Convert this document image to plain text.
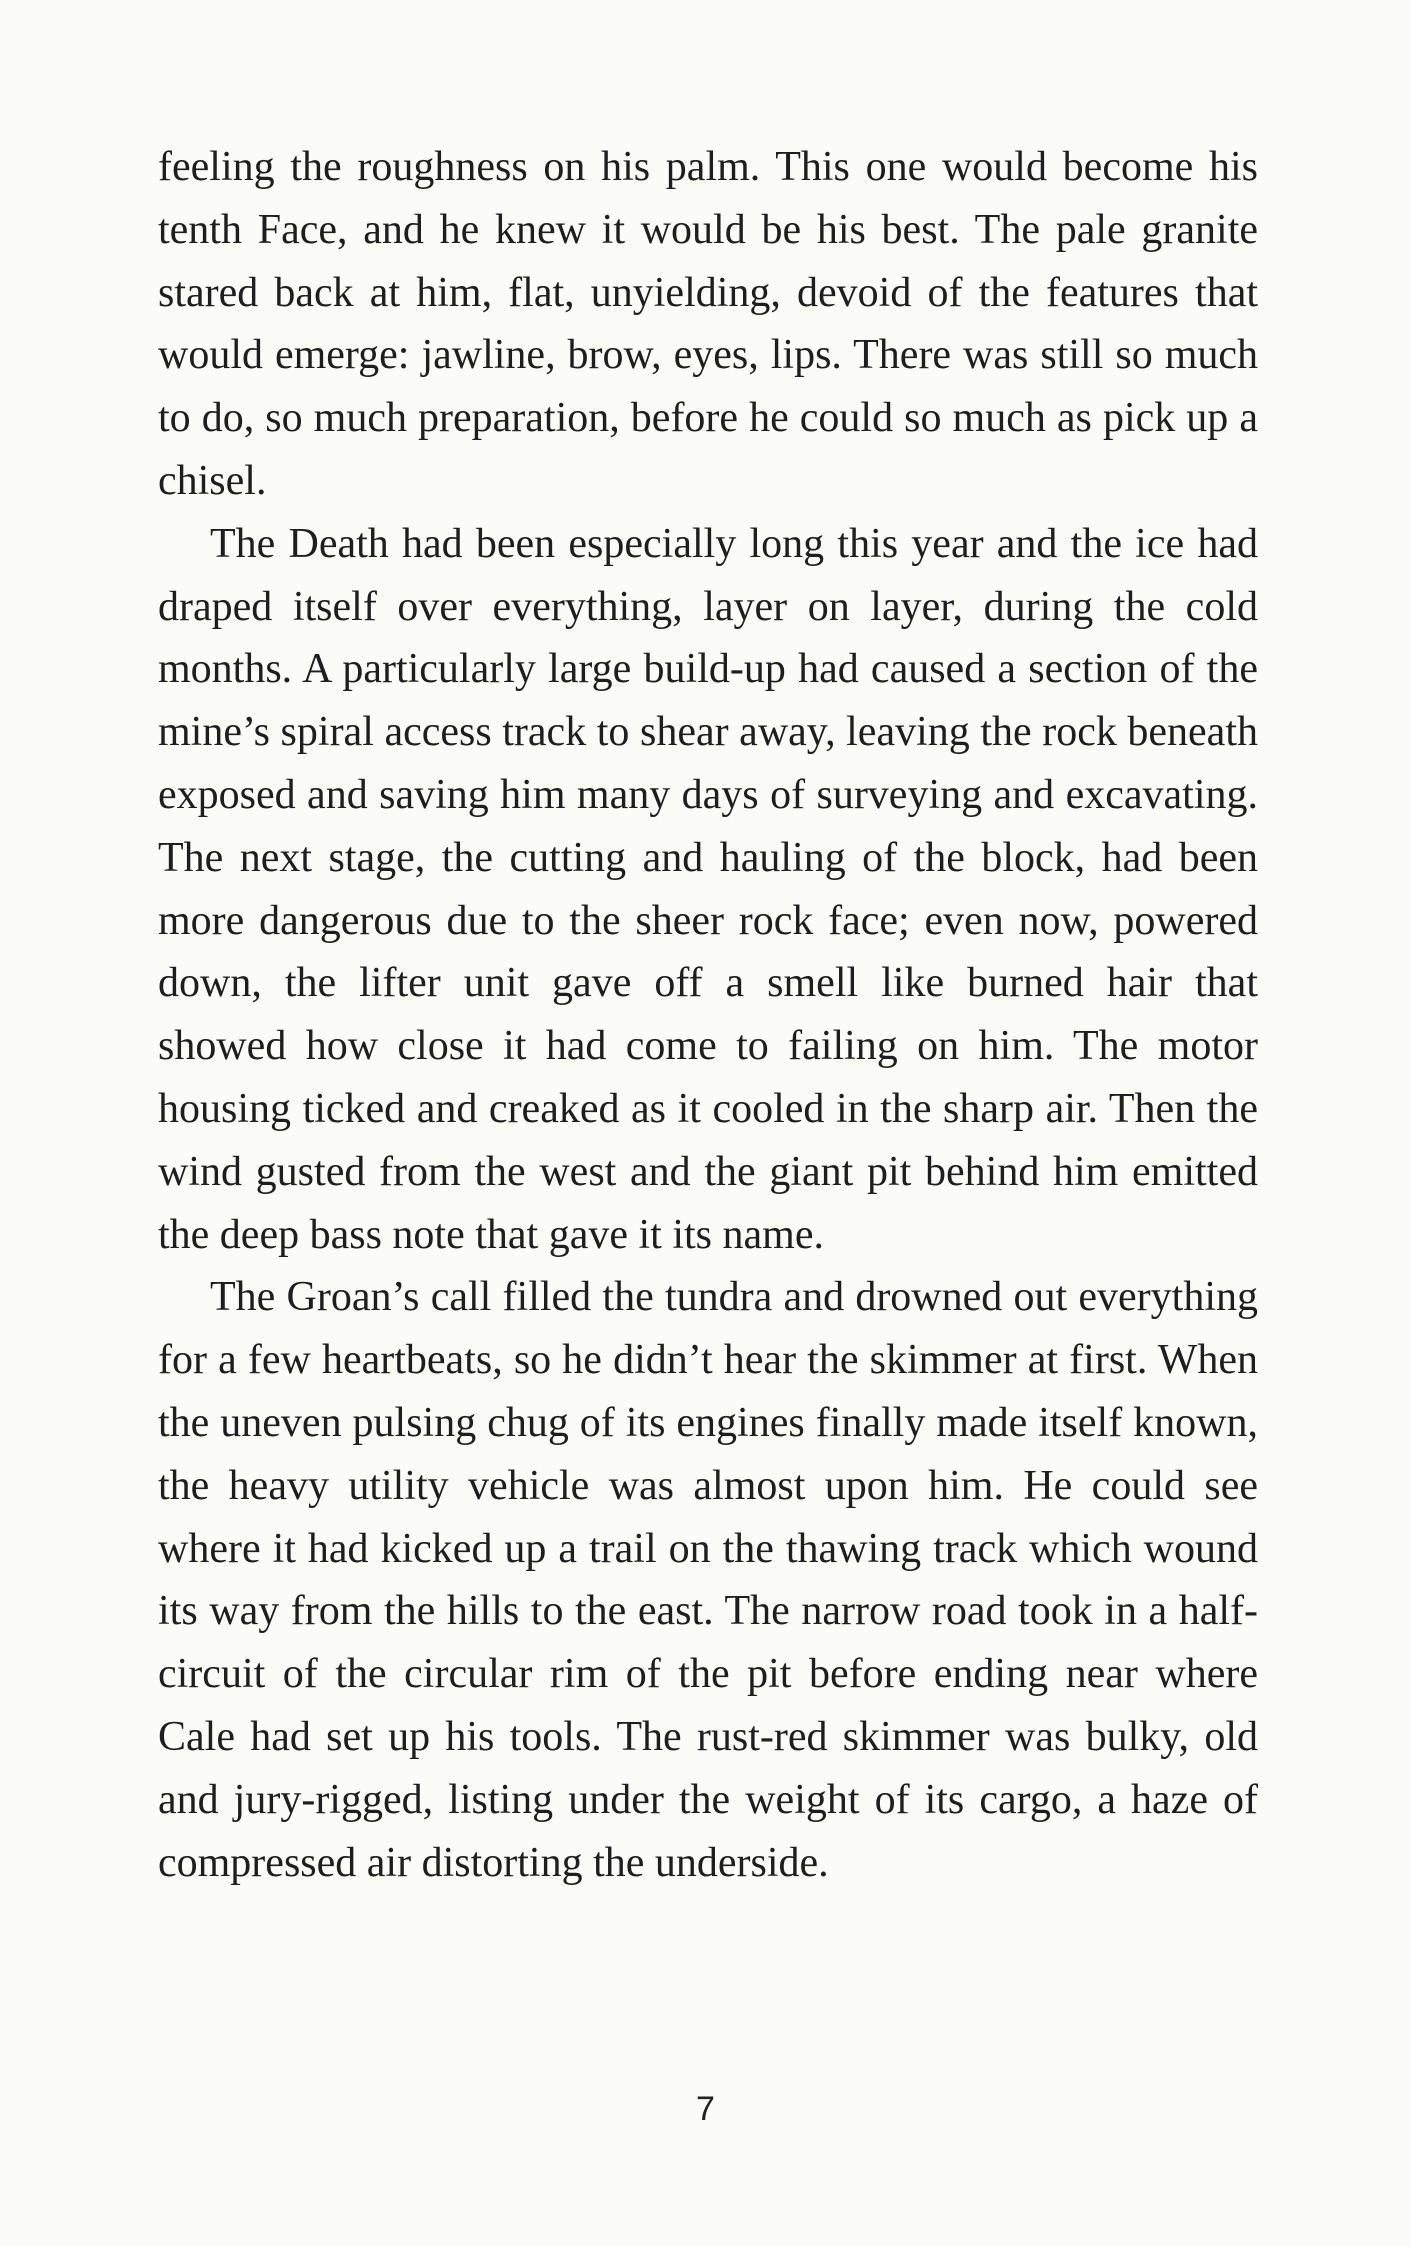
feeling the roughness on his palm. This one would become his tenth Face, and he knew it would be his best. The pale granite stared back at him, flat, unyielding, devoid of the features that would emerge: jawline, brow, eyes, lips. There was still so much to do, so much preparation, before he could so much as pick up a chisel.

The Death had been especially long this year and the ice had draped itself over everything, layer on layer, during the cold months. A particularly large build-up had caused a section of the mine’s spiral access track to shear away, leaving the rock beneath exposed and saving him many days of surveying and excavating. The next stage, the cutting and hauling of the block, had been more dangerous due to the sheer rock face; even now, powered down, the lifter unit gave off a smell like burned hair that showed how close it had come to failing on him. The motor housing ticked and creaked as it cooled in the sharp air. Then the wind gusted from the west and the giant pit behind him emitted the deep bass note that gave it its name.

The Groan’s call filled the tundra and drowned out everything for a few heartbeats, so he didn’t hear the skimmer at first. When the uneven pulsing chug of its engines finally made itself known, the heavy utility vehicle was almost upon him. He could see where it had kicked up a trail on the thawing track which wound its way from the hills to the east. The narrow road took in a half-circuit of the circular rim of the pit before ending near where Cale had set up his tools. The rust-red skimmer was bulky, old and jury-rigged, listing under the weight of its cargo, a haze of compressed air distorting the underside.

7
